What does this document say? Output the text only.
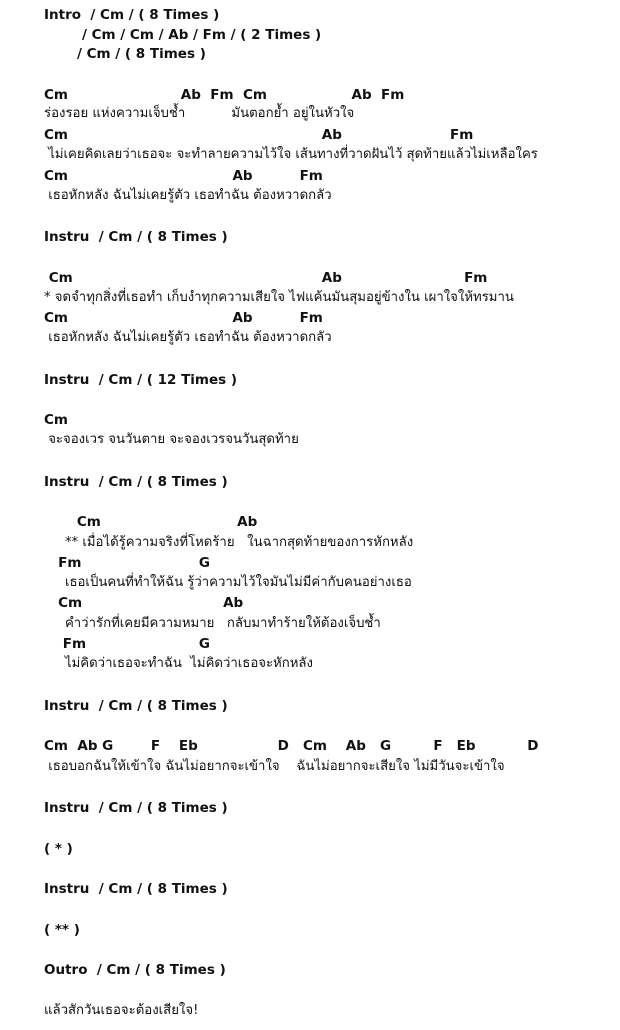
Intro  / Cm / ( 8 Times )
/ Cm / Cm / Ab / Fm / ( 2 Times )
/ Cm / ( 8 Times )
Cm                        Ab  Fm  Cm                  Ab  Fm
ร่องรอย แห่งความเจ็บช้ำ           มันตอกย้ำ อยู่ในหัวใจ
Cm                                                      Ab                       Fm
ไม่เคยคิดเลยว่าเธอจะ จะทำลายความไว้ใจ เส้นทางที่วาดฝันไว้ สุดท้ายแล้วไม่เหลือใคร
Cm                                   Ab          Fm
เธอหักหลัง ฉันไม่เคยรู้ตัว เธอทำฉัน ต้องหวาดกลัว
Instru  / Cm / ( 8 Times )
Cm                                                     Ab                          Fm
* จดจำทุกสิ่งที่เธอทำ เก็บงำทุกความเสียใจ ไฟแค้นมันสุมอยู่ข้างใน เผาใจให้ทรมาน
Cm                                   Ab          Fm
เธอหักหลัง ฉันไม่เคยรู้ตัว เธอทำฉัน ต้องหวาดกลัว
Instru  / Cm / ( 12 Times )
Cm
จะจองเวร จนวันตาย จะจองเวรจนวันสุดท้าย
Instru  / Cm / ( 8 Times )
Cm                             Ab
** เมื่อได้รู้ความจริงที่โหดร้าย   ในฉากสุดท้ายของการหักหลัง
Fm                         G
เธอเป็นคนที่ทำให้ฉัน รู้ว่าความไว้ใจมันไม่มีค่ากับคนอย่างเธอ
Cm                              Ab
คำว่ารักที่เคยมีความหมาย   กลับมาทำร้ายให้ต้องเจ็บช้ำ
Fm                        G
ไม่คิดว่าเธอจะทำฉัน  ไม่คิดว่าเธอจะหักหลัง
Instru  / Cm / ( 8 Times )
Cm  Ab G        F    Eb                 D   Cm    Ab   G         F   Eb           D
เธอบอกฉันให้เข้าใจ ฉันไม่อยากจะเข้าใจ    ฉันไม่อยากจะเสียใจ ไม่มีวันจะเข้าใจ
Instru  / Cm / ( 8 Times )
( * )
Instru  / Cm / ( 8 Times )
( ** )
Outro  / Cm / ( 8 Times )
แล้วสักวันเธอจะต้องเสียใจ!
